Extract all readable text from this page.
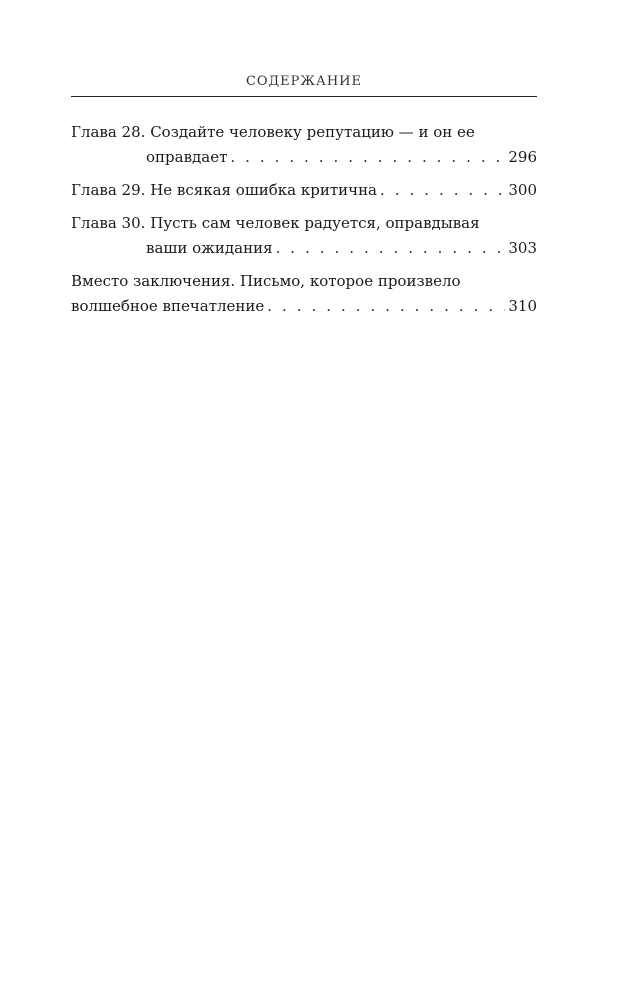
СОДЕРЖАНИЕ
Глава 28.
Создайте человеку репутацию — и он ее
оправдает . . .	296
Глава 29.
Не всякая ошибка критична . . .	300
Глава 30.
Пусть сам человек радуется, оправдывая
ваши ожидания . . .	303
Вместо заключения. Письмо, которое произвело
волшебное впечатление . . .	310
